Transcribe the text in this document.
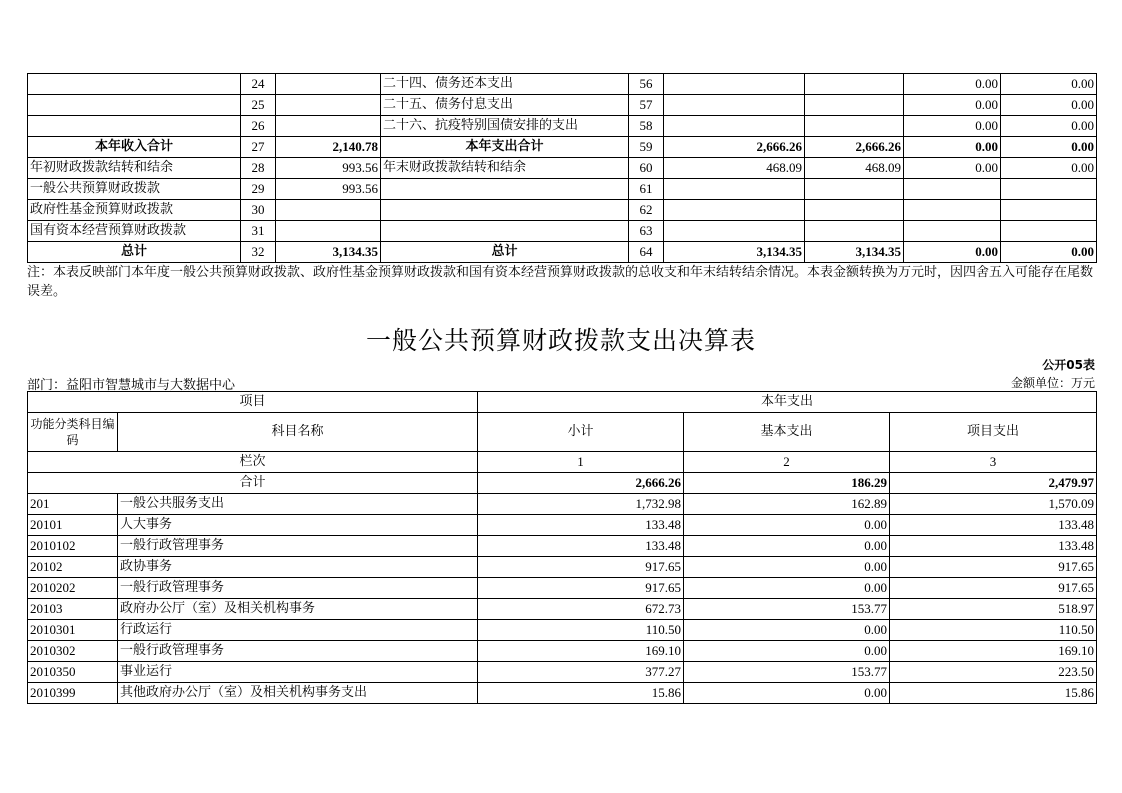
	24		二十四、债务还本支出	56			0.00	0.00
	25		二十五、债务付息支出	57			0.00	0.00
	26		二十六、抗疫特别国债安排的支出	58			0.00	0.00
本年收入合计	27	2,140.78	本年支出合计	59	2,666.26	2,666.26	0.00	0.00
年初财政拨款结转和结余	28	993.56	年末财政拨款结转和结余	60	468.09	468.09	0.00	0.00
一般公共预算财政拨款	29	993.56		61				
政府性基金预算财政拨款	30			62				
国有资本经营预算财政拨款	31			63				
总计	32	3,134.35	总计	64	3,134.35	3,134.35	0.00	0.00
注：本表反映部门本年度一般公共预算财政拨款、政府性基金预算财政拨款和国有资本经营预算财政拨款的总收支和年末结转结余情况。本表金额转换为万元时，因四舍五入可能存在尾数误差。
一般公共预算财政拨款支出决算表
公开05表
部门：益阳市智慧城市与大数据中心	金额单位：万元
项目		本年支出		
功能分类科目编码	科目名称	小计	基本支出	项目支出
栏次		1	2	3
合计		2,666.26	186.29	2,479.97
201	一般公共服务支出	1,732.98	162.89	1,570.09
20101	人大事务	133.48	0.00	133.48
2010102	一般行政管理事务	133.48	0.00	133.48
20102	政协事务	917.65	0.00	917.65
2010202	一般行政管理事务	917.65	0.00	917.65
20103	政府办公厅（室）及相关机构事务	672.73	153.77	518.97
2010301	行政运行	110.50	0.00	110.50
2010302	一般行政管理事务	169.10	0.00	169.10
2010350	事业运行	377.27	153.77	223.50
2010399	其他政府办公厅（室）及相关机构事务支出	15.86	0.00	15.86
